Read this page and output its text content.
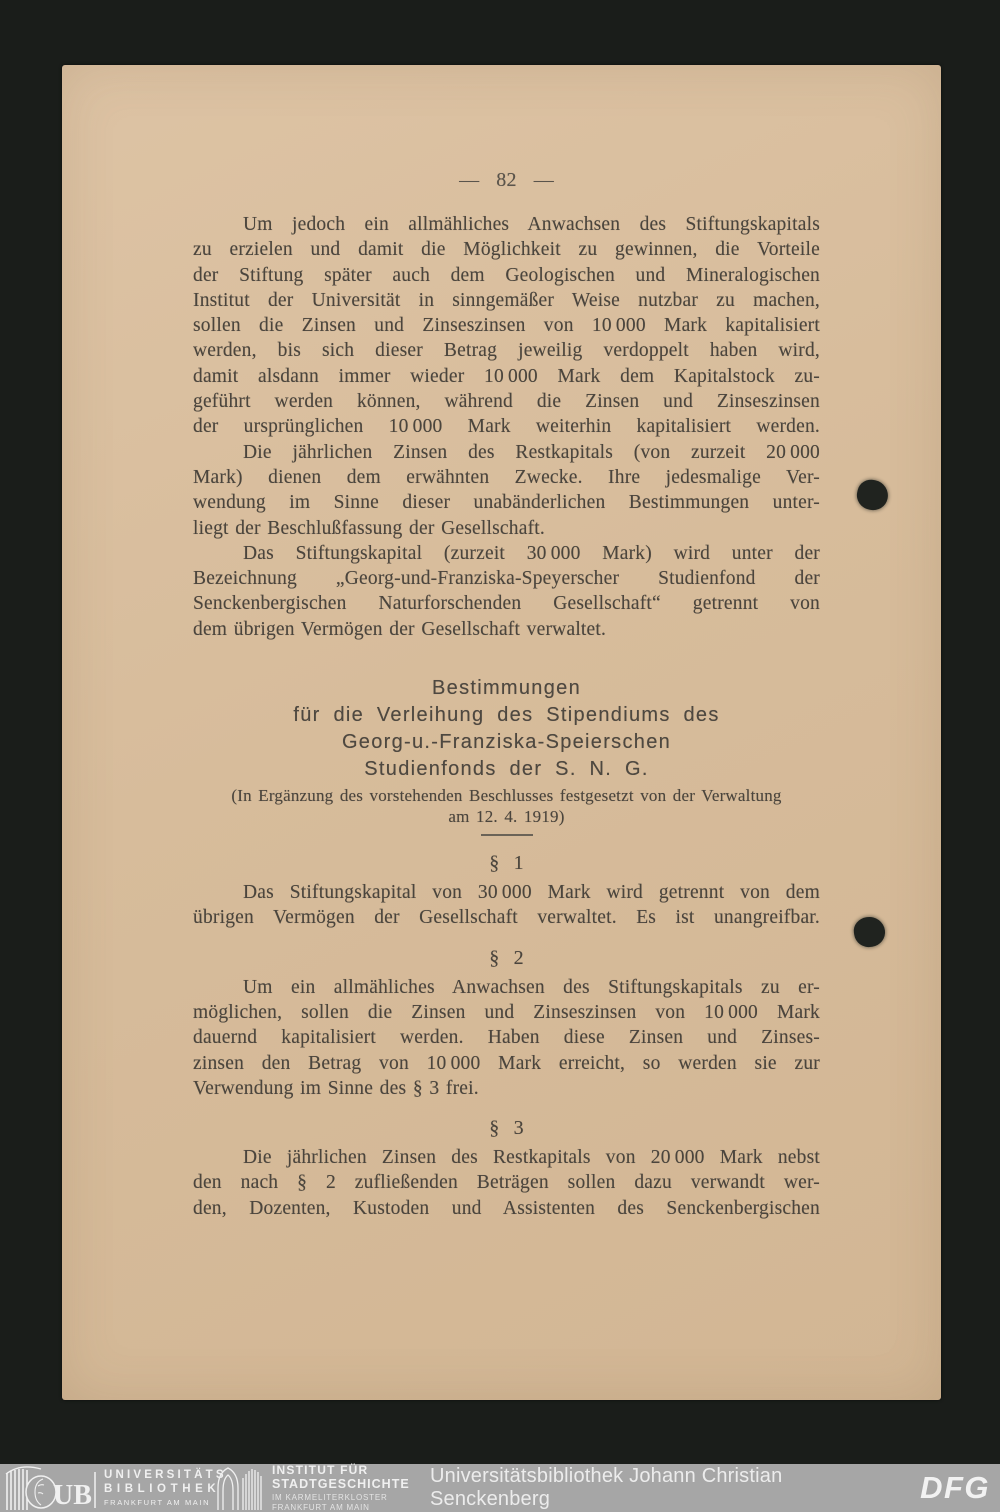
— 82 —
Um jedoch ein allmähliches Anwachsen des Stiftungskapitals
zu erzielen und damit die Möglichkeit zu gewinnen, die Vorteile
der Stiftung später auch dem Geologischen und Mineralogischen
Institut der Universität in sinngemäßer Weise nutzbar zu machen,
sollen die Zinsen und Zinseszinsen von 10 000 Mark kapitalisiert
werden, bis sich dieser Betrag jeweilig verdoppelt haben wird,
damit alsdann immer wieder 10 000 Mark dem Kapitalstock zu-
geführt werden können, während die Zinsen und Zinseszinsen
der ursprünglichen 10 000 Mark weiterhin kapitalisiert werden.
Die jährlichen Zinsen des Restkapitals (von zurzeit 20 000
Mark) dienen dem erwähnten Zwecke. Ihre jedesmalige Ver-
wendung im Sinne dieser unabänderlichen Bestimmungen unter-
liegt der Beschlußfassung der Gesellschaft.
Das Stiftungskapital (zurzeit 30 000 Mark) wird unter der
Bezeichnung „Georg-und-Franziska-Speyerscher Studienfond der
Senckenbergischen Naturforschenden Gesellschaft“ getrennt von
dem übrigen Vermögen der Gesellschaft verwaltet.
Bestimmungen
für die Verleihung des Stipendiums des
Georg-u.-Franziska-Speierschen
Studienfonds der S. N. G.
(In Ergänzung des vorstehenden Beschlusses festgesetzt von der Verwaltung
am 12. 4. 1919)
§ 1
Das Stiftungskapital von 30 000 Mark wird getrennt von dem
übrigen Vermögen der Gesellschaft verwaltet. Es ist unangreifbar.
§ 2
Um ein allmähliches Anwachsen des Stiftungskapitals zu er-
möglichen, sollen die Zinsen und Zinseszinsen von 10 000 Mark
dauernd kapitalisiert werden. Haben diese Zinsen und Zinses-
zinsen den Betrag von 10 000 Mark erreicht, so werden sie zur
Verwendung im Sinne des § 3 frei.
§ 3
Die jährlichen Zinsen des Restkapitals von 20 000 Mark nebst
den nach § 2 zufließenden Beträgen sollen dazu verwandt wer-
den, Dozenten, Kustoden und Assistenten des Senckenbergischen
UB
UNIVERSITÄTS
BIBLIOTHEK
FRANKFURT AM MAIN
INSTITUT FÜR
STADTGESCHICHTE
IM KARMELITERKLOSTER
FRANKFURT AM MAIN
Universitätsbibliothek Johann Christian Senckenberg	DFG
